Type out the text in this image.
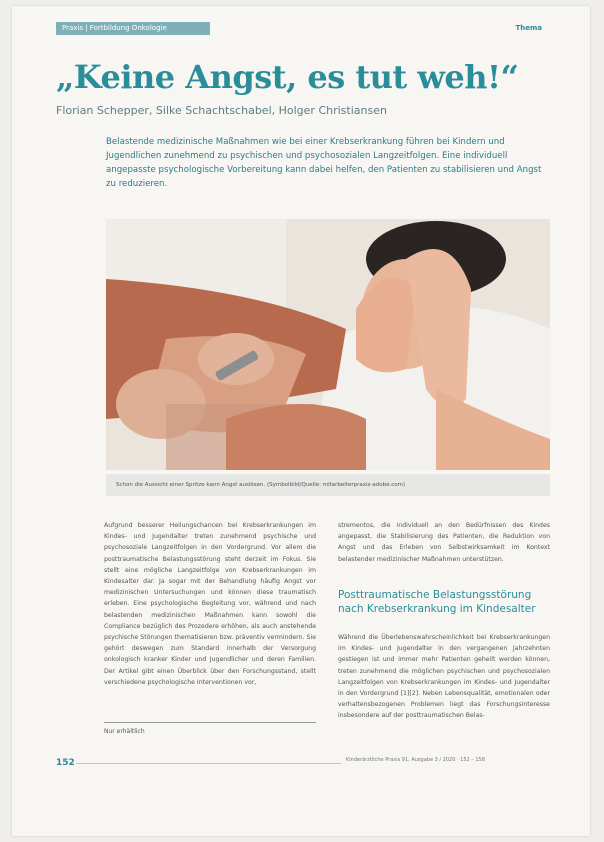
Praxis | Fortbildung Onkologie	Thema
„Keine Angst, es tut weh!“
Florian Schepper, Silke Schachtschabel, Holger Christiansen
Belastende medizinische Maßnahmen wie bei einer Krebserkrankung führen bei Kindern und Jugendlichen zunehmend zu psychischen und psychosozialen Langzeitfolgen. Eine individuell angepasste psychologische Vorbereitung kann dabei helfen, den Patienten zu stabilisieren und Angst zu reduzieren.
Schon die Aussicht einer Spritze kann Angst auslösen. (Symbolbild/Quelle: mitarbeiterpraxis-adobe.com)
Aufgrund besserer Heilungschancen bei Krebserkrankungen im Kindes- und Jugendalter treten zunehmend psychische und psychosoziale Langzeitfolgen in den Vordergrund. Vor allem die posttraumatische Belastungsstörung steht derzeit im Fokus. Sie stellt eine mögliche Langzeitfolge von Krebserkrankungen im Kindesalter dar. Ja sogar mit der Behandlung häufig Angst vor medizinischen Untersuchungen und können diese traumatisch erleben. Eine psychologische Begleitung vor, während und nach belastenden medizinischen Maßnahmen kann sowohl die Compliance bezüglich des Prozedere erhöhen, als auch anstehende psychische Störungen thematisieren bzw. präventiv vermindern. Sie gehört deswegen zum Standard innerhalb der Versorgung onkologisch kranker Kinder und Jugendlicher und deren Familien. Der Artikel gibt einen Überblick über den Forschungsstand, stellt verschiedene psychologische Interventionen vor,
strementos, die individuell an den Bedürfnissen des Kindes angepasst, die Stabilisierung des Patienten, die Reduktion von Angst und das Erleben von Selbstwirksamkeit im Kontext belastender medizinischer Maßnahmen unterstützen.
Posttraumatische Belastungsstörung nach Krebserkrankung im Kindesalter
Während die Überlebenswahrscheinlichkeit bei Krebserkrankungen im Kindes- und Jugendalter in den vergangenen Jahrzehnten gestiegen ist und immer mehr Patienten geheilt werden können, treten zunehmend die möglichen psychischen und psychosozialen Langzeitfolgen von Krebserkrankungen im Kindes- und Jugendalter in den Vordergrund [1][2]. Neben Lebensqualität, emotionalen oder verhaltensbezogenen Problemen liegt das Forschungsinteresse insbesondere auf der posttraumatischen Belas-
Nur erhältlich
152	Kinderärztliche Praxis 91, Ausgabe 3 / 2020 · 152 – 158
